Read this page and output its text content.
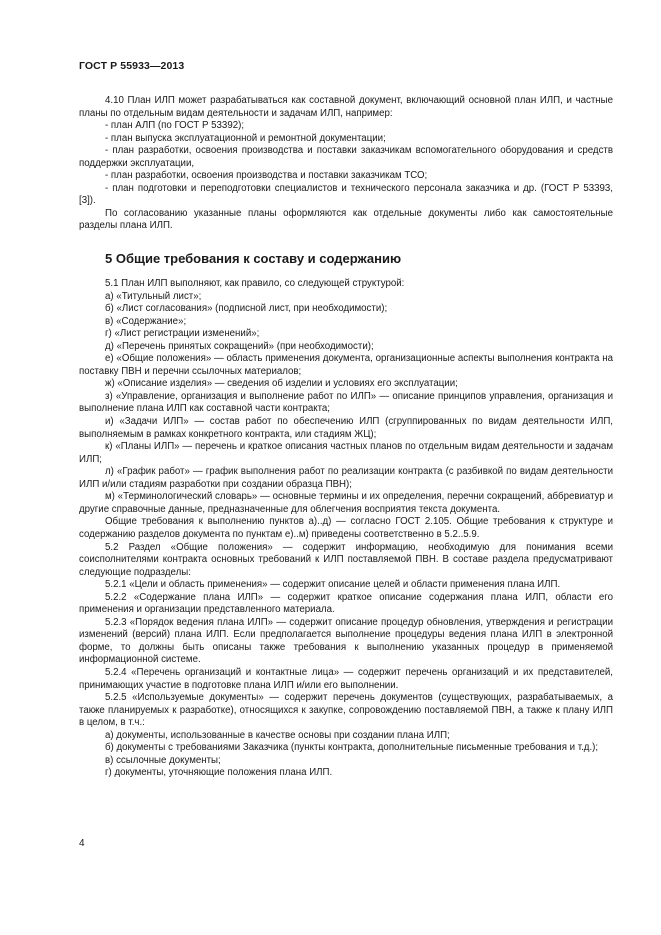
ГОСТ Р 55933—2013

4.10 План ИЛП может разрабатываться как составной документ, включающий основной план ИЛП, и частные планы по отдельным видам деятельности и задачам ИЛП, например:

- план АЛП (по ГОСТ Р 53392);

- план выпуска эксплуатационной и ремонтной документации;

- план разработки, освоения производства и поставки заказчикам вспомогательного оборудования и средств поддержки эксплуатации,

- план разработки, освоения производства и поставки заказчикам ТСО;

- план подготовки и переподготовки специалистов и технического персонала заказчика и др. (ГОСТ Р 53393, [3]).

По согласованию указанные планы оформляются как отдельные документы либо как самостоятельные разделы плана ИЛП.

5 Общие требования к составу и содержанию

5.1 План ИЛП выполняют, как правило, со следующей структурой:

а) «Титульный лист»;

б) «Лист согласования» (подписной лист, при необходимости);

в) «Содержание»;

г) «Лист регистрации изменений»;

д) «Перечень принятых сокращений» (при необходимости);

е) «Общие положения» — область применения документа, организационные аспекты выполнения контракта на поставку ПВН и перечни ссылочных материалов;

ж) «Описание изделия» — сведения об изделии и условиях его эксплуатации;

з) «Управление, организация и выполнение работ по ИЛП» — описание принципов управления, организация и выполнение плана ИЛП как составной части контракта;

и) «Задачи ИЛП» — состав работ по обеспечению ИЛП (сгруппированных по видам деятельности ИЛП, выполняемым в рамках конкретного контракта, или стадиям ЖЦ);

к) «Планы ИЛП» — перечень и краткое описания частных планов по отдельным видам деятельности и задачам ИЛП;

л) «График работ» — график выполнения работ по реализации контракта (с разбивкой по видам деятельности ИЛП и/или стадиям разработки при создании образца ПВН);

м) «Терминологический словарь» — основные термины и их определения, перечни сокращений, аббревиатур и другие справочные данные, предназначенные для облегчения восприятия текста документа.

Общие требования к выполнению пунктов а)..д) — согласно ГОСТ 2.105. Общие требования к структуре и содержанию разделов документа по пунктам е)..м) приведены соответственно в 5.2..5.9.

5.2 Раздел «Общие положения» — содержит информацию, необходимую для понимания всеми соисполнителями контракта основных требований к ИЛП поставляемой ПВН. В составе раздела предусматривают следующие подразделы:

5.2.1 «Цели и область применения» — содержит описание целей и области применения плана ИЛП.

5.2.2 «Содержание плана ИЛП» — содержит краткое описание содержания плана ИЛП, области его применения и организации представленного материала.

5.2.3 «Порядок ведения плана ИЛП» — содержит описание процедур обновления, утверждения и регистрации изменений (версий) плана ИЛП. Если предполагается выполнение процедуры ведения плана ИЛП в электронной форме, то должны быть описаны также требования к выполнению указанных процедур в применяемой информационной системе.

5.2.4 «Перечень организаций и контактные лица» — содержит перечень организаций и их представителей, принимающих участие в подготовке плана ИЛП и/или его выполнении.

5.2.5 «Используемые документы» — содержит перечень документов (существующих, разрабатываемых, а также планируемых к разработке), относящихся к закупке, сопровождению поставляемой ПВН, а также к плану ИЛП в целом, в т.ч.:

а) документы, использованные в качестве основы при создании плана ИЛП;

б) документы с требованиями Заказчика (пункты контракта, дополнительные письменные требования и т.д.);

в) ссылочные документы;

г) документы, уточняющие положения плана ИЛП.

4
